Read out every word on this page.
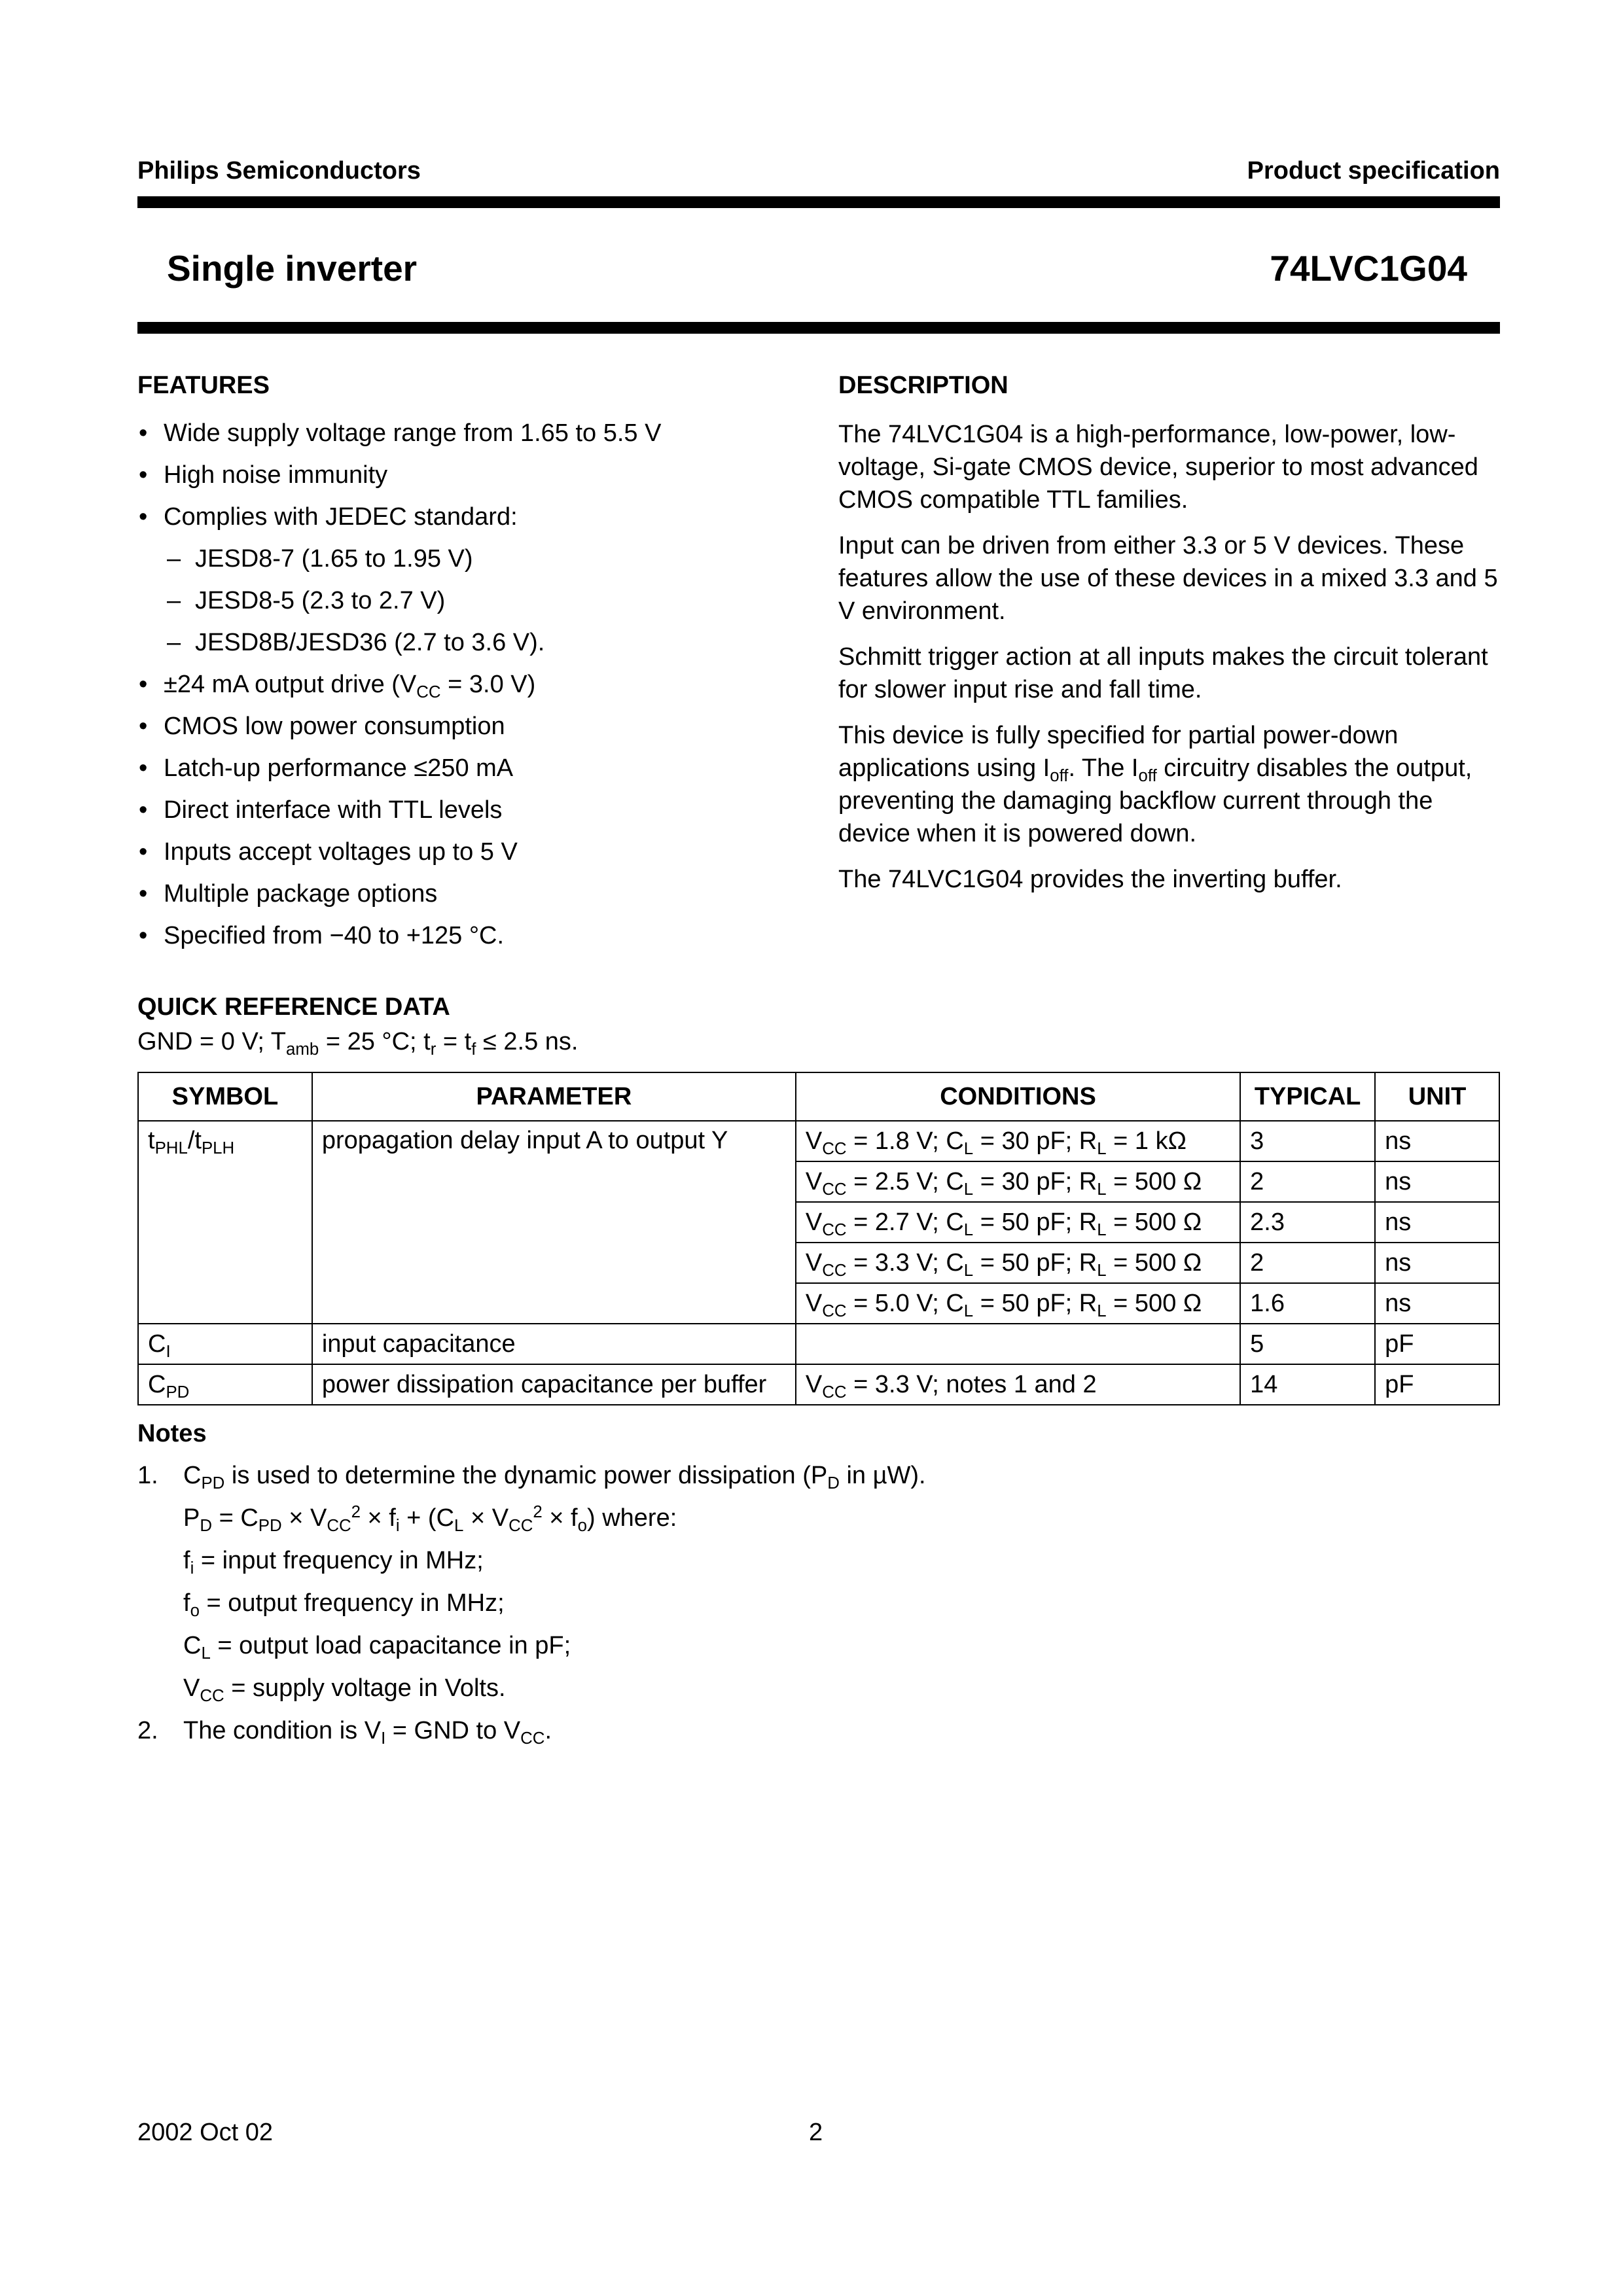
Philips Semiconductors	Product specification
Single inverter	74LVC1G04
FEATURES
• Wide supply voltage range from 1.65 to 5.5 V
• High noise immunity
• Complies with JEDEC standard:
– JESD8-7 (1.65 to 1.95 V)
– JESD8-5 (2.3 to 2.7 V)
– JESD8B/JESD36 (2.7 to 3.6 V).
• ±24 mA output drive ($V_{CC} = 3.0$ V)
• CMOS low power consumption
• Latch-up performance ≤250 mA
• Direct interface with TTL levels
• Inputs accept voltages up to 5 V
• Multiple package options
• Specified from −40 to +125 °C.
DESCRIPTION

The 74LVC1G04 is a high-performance, low-power, low-voltage, Si-gate CMOS device, superior to most advanced CMOS compatible TTL families.

Input can be driven from either 3.3 or 5 V devices. These features allow the use of these devices in a mixed 3.3 and 5 V environment.

Schmitt trigger action at all inputs makes the circuit tolerant for slower input rise and fall time.

This device is fully specified for partial power-down applications using $I_{off}$. The $I_{off}$ circuitry disables the output, preventing the damaging backflow current through the device when it is powered down.

The 74LVC1G04 provides the inverting buffer.

QUICK REFERENCE DATA
GND = 0 V; $T_{amb} = 25$ °C; $t_r = t_f \le 2.5$ ns.
SYMBOL	PARAMETER	CONDITIONS	TYPICAL	UNIT
$t_{PHL}/t_{PLH}$	propagation delay input A to output Y	$V_{CC} = 1.8$ V; $C_L = 30$ pF; $R_L = 1$ kΩ	3	ns
		$V_{CC} = 2.5$ V; $C_L = 30$ pF; $R_L = 500$ Ω	2	ns
		$V_{CC} = 2.7$ V; $C_L = 50$ pF; $R_L = 500$ Ω	2.3	ns
		$V_{CC} = 3.3$ V; $C_L = 50$ pF; $R_L = 500$ Ω	2	ns
		$V_{CC} = 5.0$ V; $C_L = 50$ pF; $R_L = 500$ Ω	1.6	ns
$C_I$	input capacitance		5	pF
$C_{PD}$	power dissipation capacitance per buffer	$V_{CC} = 3.3$ V; notes 1 and 2	14	pF
Notes
1. $C_{PD}$ is used to determine the dynamic power dissipation ($P_D$ in µW).
$P_D = C_{PD} \times V_{CC}^2 \times f_i + (C_L \times V_{CC}^2 \times f_o)$ where:
$f_i$ = input frequency in MHz;
$f_o$ = output frequency in MHz;
$C_L$ = output load capacitance in pF;
$V_{CC}$ = supply voltage in Volts.
2. The condition is $V_I$ = GND to $V_{CC}$.
2002 Oct 02	2
